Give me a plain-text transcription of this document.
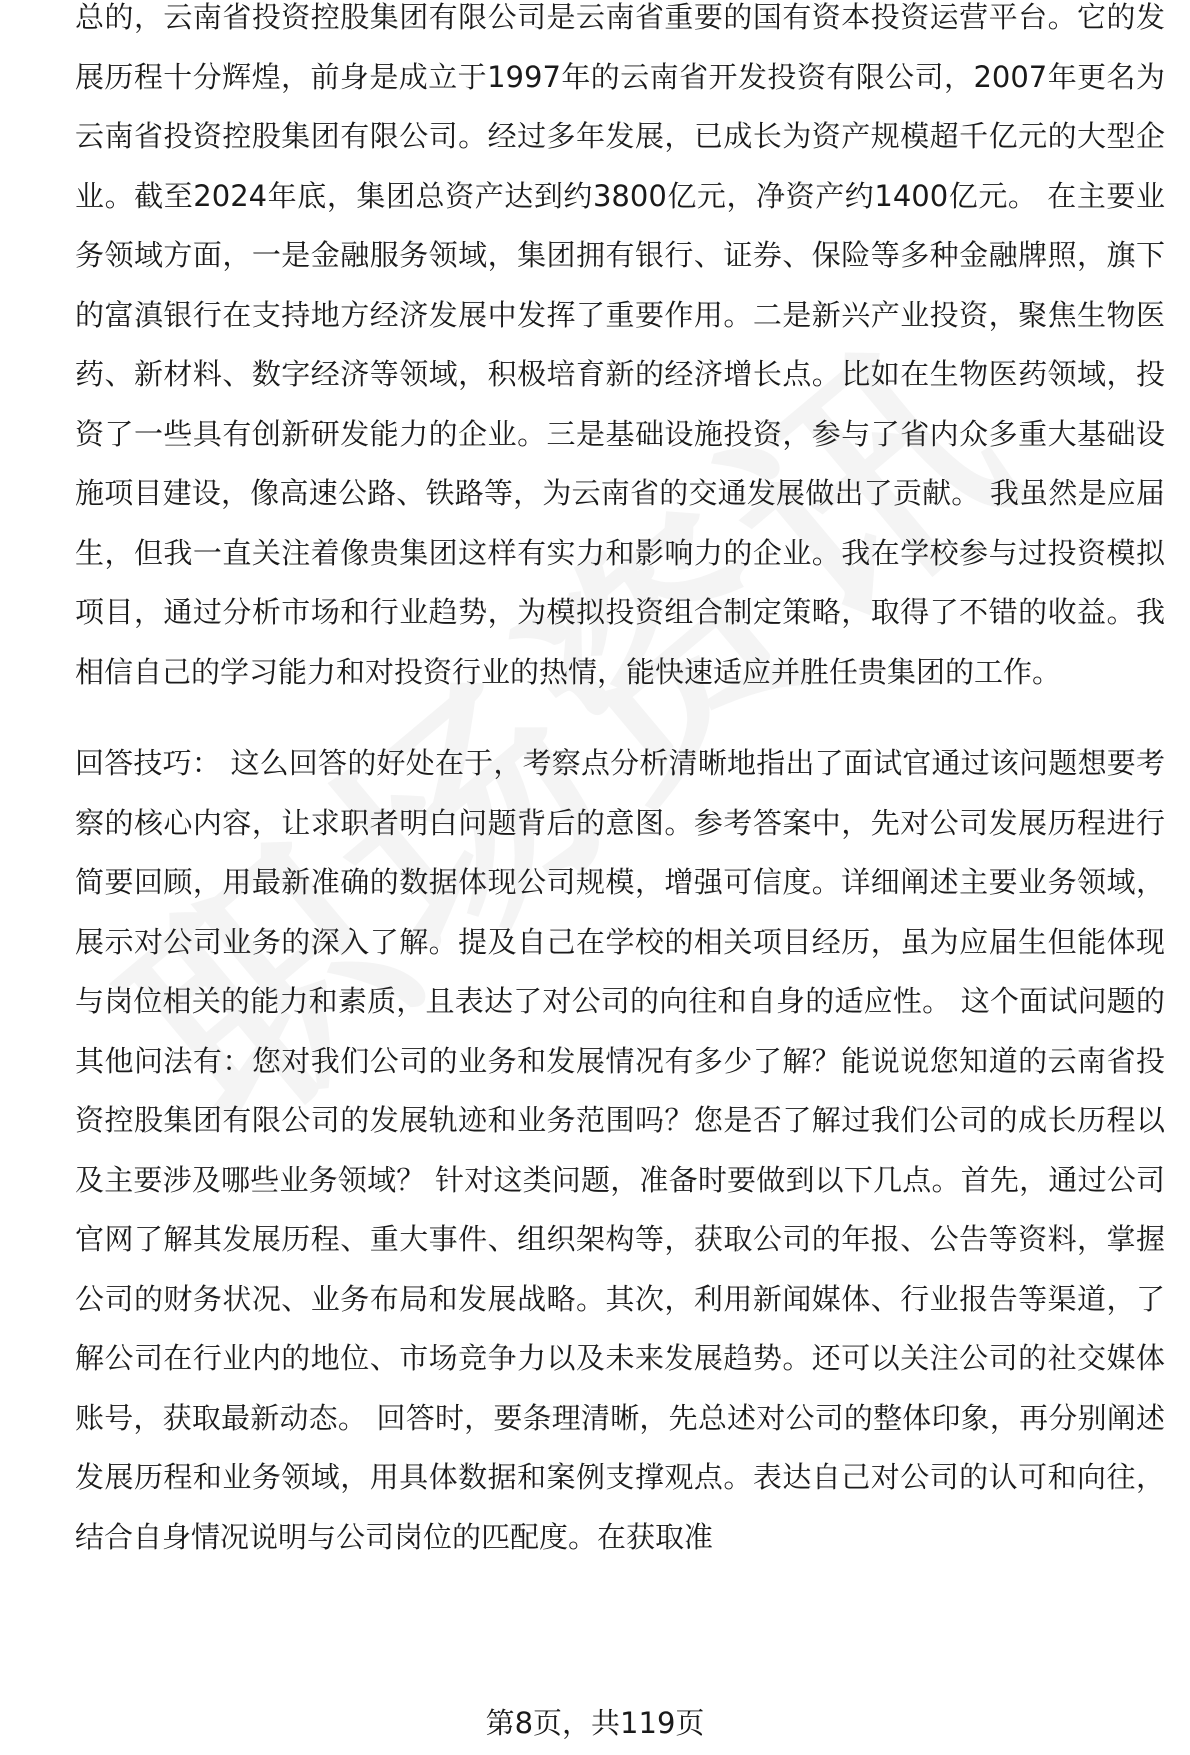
总的，云南省投资控股集团有限公司是云南省重要的国有资本投资运营平台。它的发展历程十分辉煌，前身是成立于1997年的云南省开发投资有限公司，2007年更名为云南省投资控股集团有限公司。经过多年发展，已成长为资产规模超千亿元的大型企业。截至2024年底，集团总资产达到约3800亿元，净资产约1400亿元。 在主要业务领域方面，一是金融服务领域，集团拥有银行、证券、保险等多种金融牌照，旗下的富滇银行在支持地方经济发展中发挥了重要作用。二是新兴产业投资，聚焦生物医药、新材料、数字经济等领域，积极培育新的经济增长点。比如在生物医药领域，投资了一些具有创新研发能力的企业。三是基础设施投资，参与了省内众多重大基础设施项目建设，像高速公路、铁路等，为云南省的交通发展做出了贡献。 我虽然是应届生，但我一直关注着像贵集团这样有实力和影响力的企业。我在学校参与过投资模拟项目，通过分析市场和行业趋势，为模拟投资组合制定策略，取得了不错的收益。我相信自己的学习能力和对投资行业的热情，能快速适应并胜任贵集团的工作。

回答技巧： 这么回答的好处在于，考察点分析清晰地指出了面试官通过该问题想要考察的核心内容，让求职者明白问题背后的意图。参考答案中，先对公司发展历程进行简要回顾，用最新准确的数据体现公司规模，增强可信度。详细阐述主要业务领域，展示对公司业务的深入了解。提及自己在学校的相关项目经历，虽为应届生但能体现与岗位相关的能力和素质，且表达了对公司的向往和自身的适应性。 这个面试问题的其他问法有：您对我们公司的业务和发展情况有多少了解？能说说您知道的云南省投资控股集团有限公司的发展轨迹和业务范围吗？您是否了解过我们公司的成长历程以及主要涉及哪些业务领域？ 针对这类问题，准备时要做到以下几点。首先，通过公司官网了解其发展历程、重大事件、组织架构等，获取公司的年报、公告等资料，掌握公司的财务状况、业务布局和发展战略。其次，利用新闻媒体、行业报告等渠道，了解公司在行业内的地位、市场竞争力以及未来发展趋势。还可以关注公司的社交媒体账号，获取最新动态。 回答时，要条理清晰，先总述对公司的整体印象，再分别阐述发展历程和业务领域，用具体数据和案例支撑观点。表达自己对公司的认可和向往，结合自身情况说明与公司岗位的匹配度。在获取准

第8页，共119页
